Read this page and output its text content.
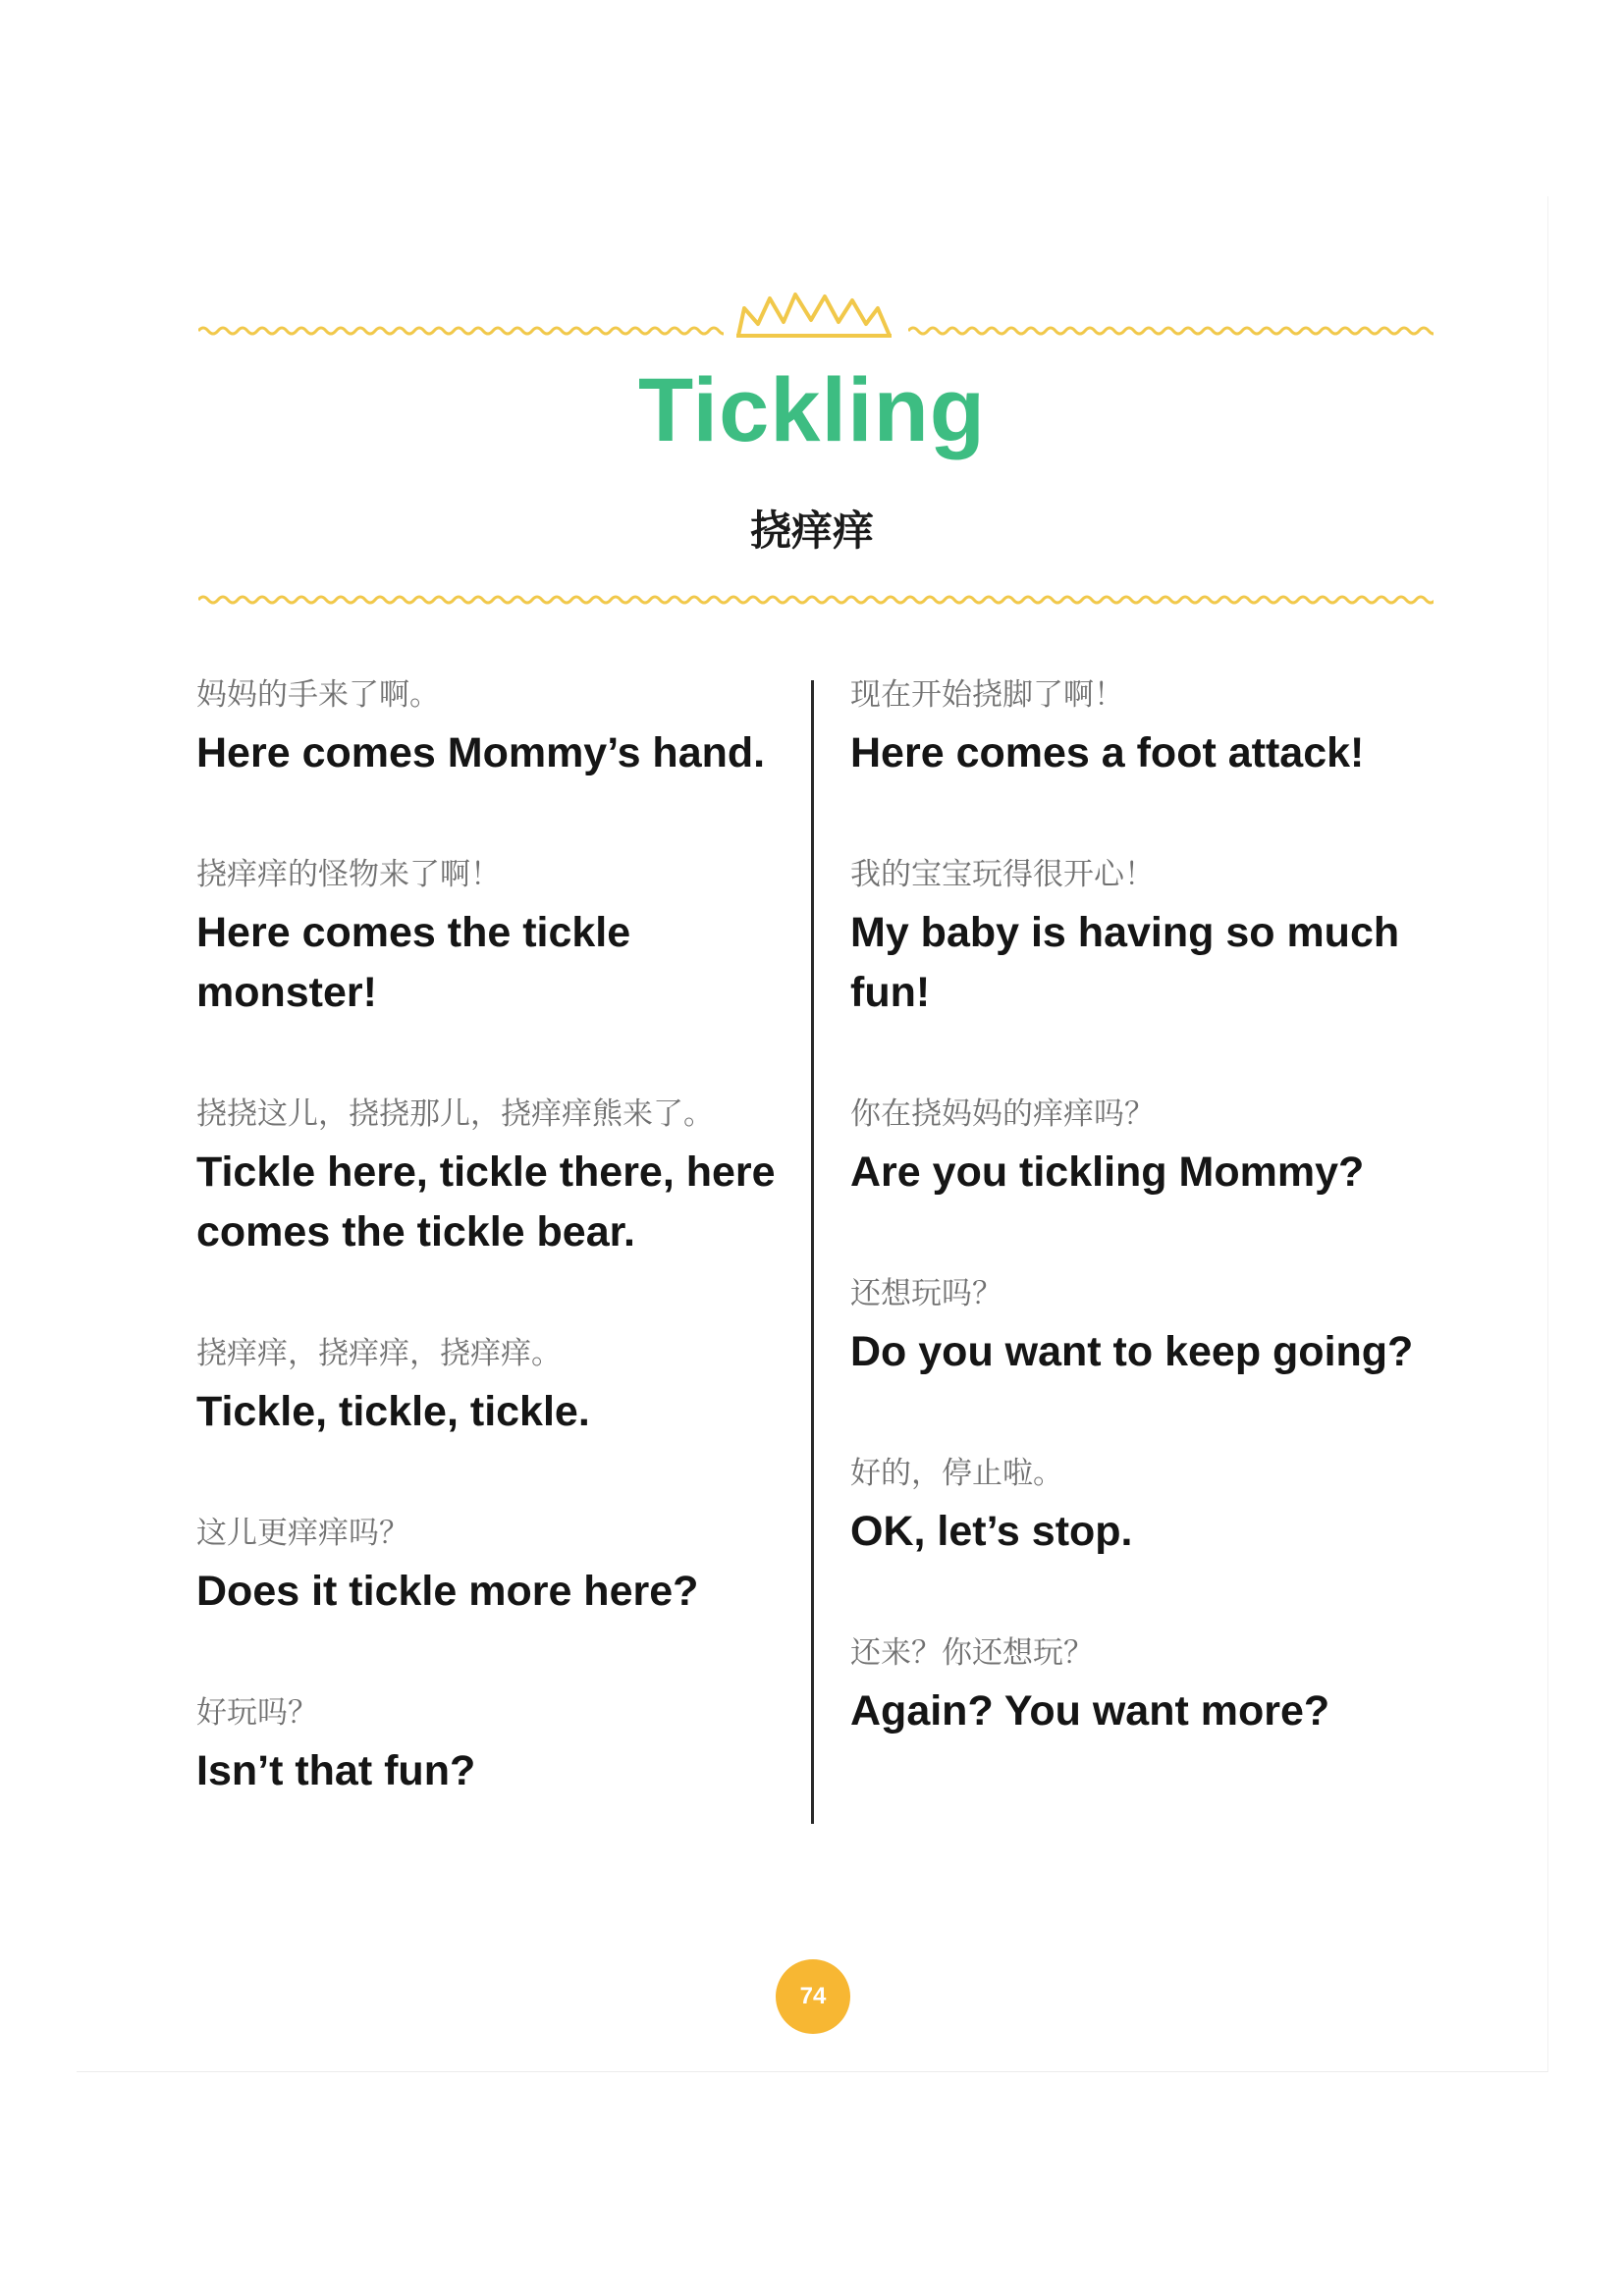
Tickling
挠痒痒
妈妈的手来了啊。
Here comes Mommy’s hand.
挠痒痒的怪物来了啊！
Here comes the tickle monster!
挠挠这儿，挠挠那儿，挠痒痒熊来了。
Tickle here, tickle there, here comes the tickle bear.
挠痒痒，挠痒痒，挠痒痒。
Tickle, tickle, tickle.
这儿更痒痒吗？
Does it tickle more here?
好玩吗？
Isn’t that fun?
现在开始挠脚了啊！
Here comes a foot attack!
我的宝宝玩得很开心！
My baby is having so much fun!
你在挠妈妈的痒痒吗？
Are you tickling Mommy?
还想玩吗？
Do you want to keep going?
好的，停止啦。
OK, let’s stop.
还来？你还想玩？
Again? You want more?
74
